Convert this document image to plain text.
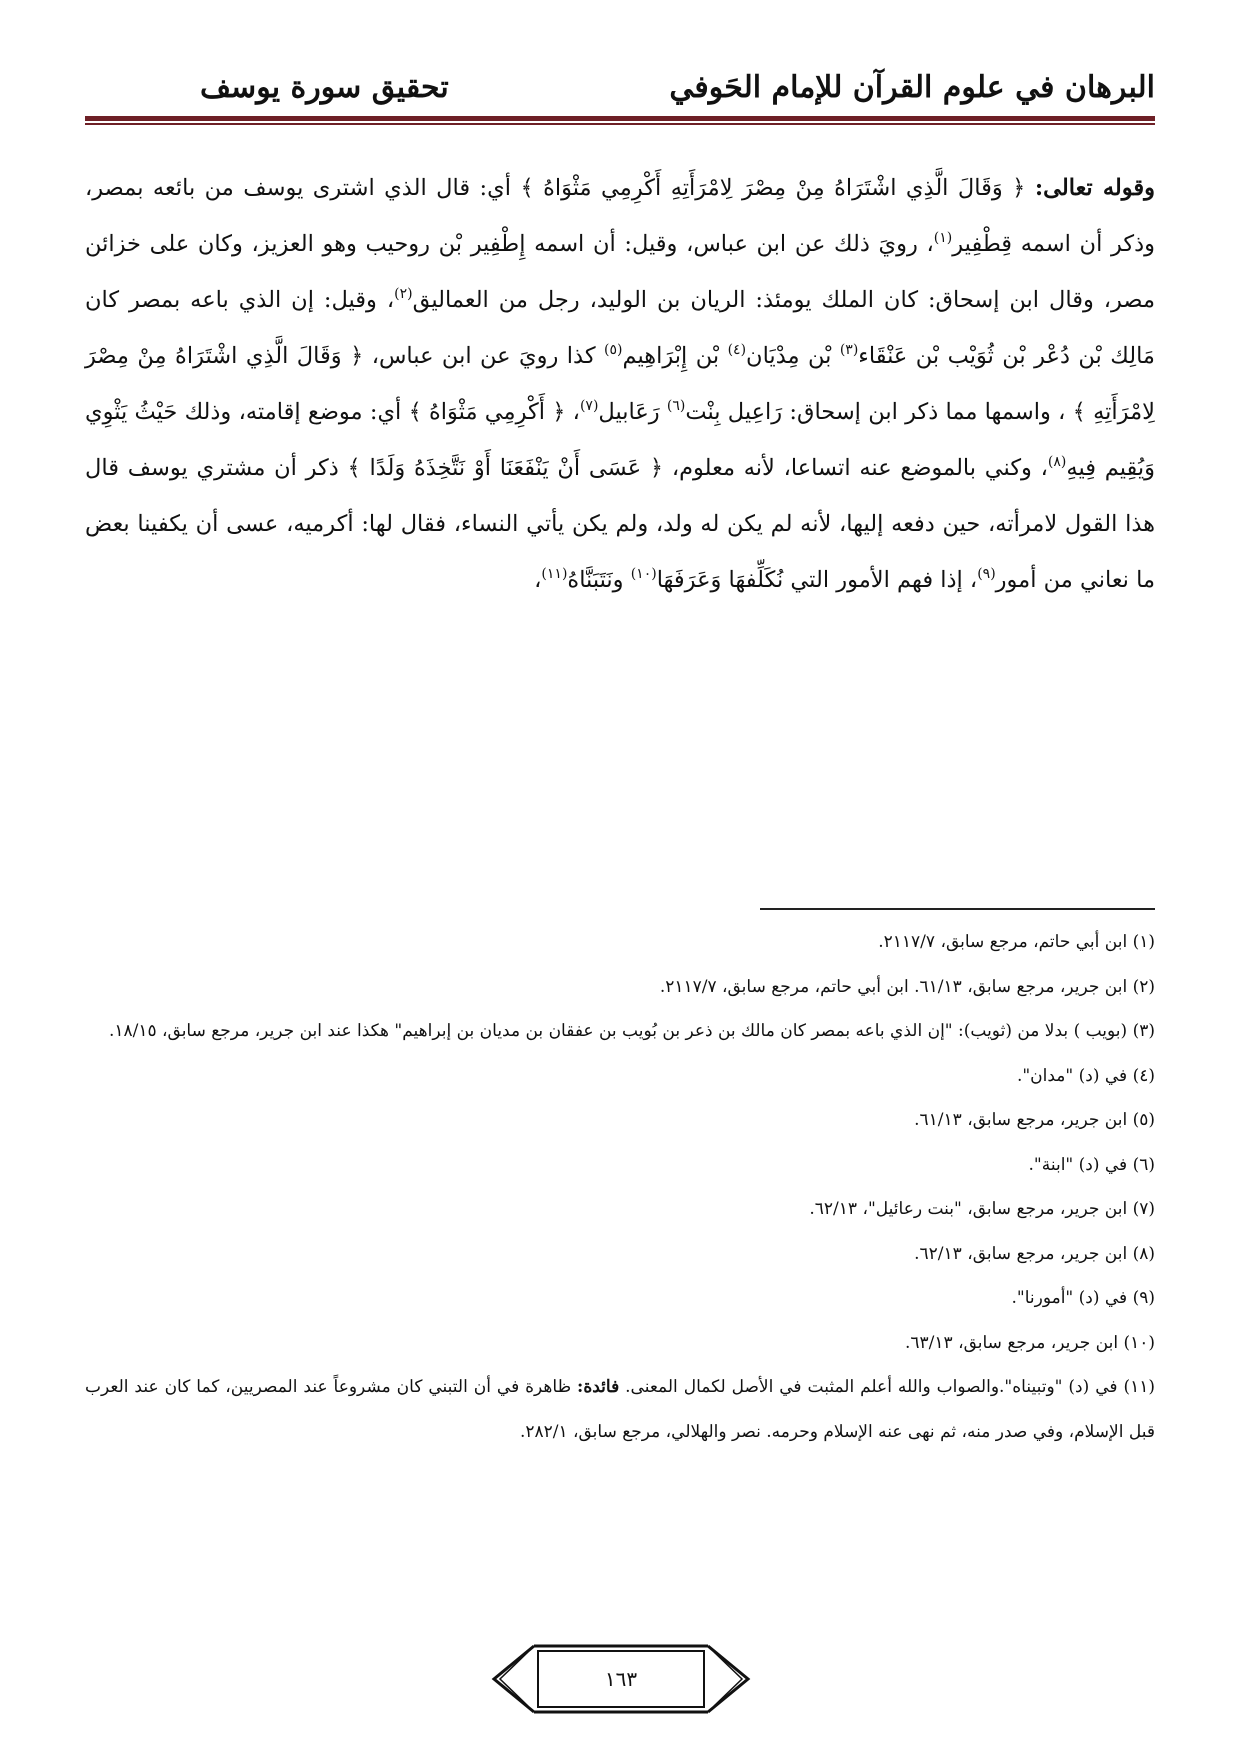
البرهان في علوم القرآن للإمام الحَوفي
تحقيق سورة يوسف
وقوله تعالى: ﴿ وَقَالَ الَّذِي اشْتَرَاهُ مِنْ مِصْرَ لِامْرَأَتِهِ أَكْرِمِي مَثْوَاهُ ﴾ أي: قال الذي اشترى يوسف من بائعه بمصر، وذكر أن اسمه قِطْفِير$^{(١)}$، رويَ ذلك عن ابن عباس، وقيل: أن اسمه إِطْفِير بْن روحيب وهو العزيز، وكان على خزائن مصر، وقال ابن إسحاق: كان الملك يومئذ: الريان بن الوليد، رجل من العماليق$^{(٢)}$، وقيل: إن الذي باعه بمصر كان مَالِك بْن دُعْر بْن ثُوَيْب بْن عَنْقَاء$^{(٣)}$ بْن مِدْيَان$^{(٤)}$ بْن إِبْرَاهِيم$^{(٥)}$ كذا رويَ عن ابن عباس، ﴿ وَقَالَ الَّذِي اشْتَرَاهُ مِنْ مِصْرَ لِامْرَأَتِهِ ﴾ ، واسمها مما ذكر ابن إسحاق: رَاعِيل بِنْت$^{(٦)}$ رَعَابيل$^{(٧)}$، ﴿ أَكْرِمِي مَثْوَاهُ ﴾ أي: موضع إقامته، وذلك حَيْثُ يَثْوِي وَيُقِيم فِيهِ$^{(٨)}$، وكني بالموضع عنه اتساعا، لأنه معلوم، ﴿ عَسَى أَنْ يَنْفَعَنَا أَوْ نَتَّخِذَهُ وَلَدًا ﴾ ذكر أن مشتري يوسف قال هذا القول لامرأته، حين دفعه إليها، لأنه لم يكن له ولد، ولم يكن يأتي النساء، فقال لها: أكرميه، عسى أن يكفينا بعض ما نعاني من أمور$^{(٩)}$، إذا فهم الأمور التي نُكَلِّفهَا وَعَرَفَهَا$^{(١٠)}$ ونَتَبَنَّاهُ$^{(١١)}$،
(١) ابن أبي حاتم، مرجع سابق، ٢١١٧/٧.
(٢) ابن جرير، مرجع سابق، ٦١/١٣. ابن أبي حاتم، مرجع سابق، ٢١١٧/٧.
(٣) (بويب ) بدلا من (ثويب): "إن الذي باعه بمصر كان مالك بن ذعر بن بُويب بن عفقان بن مديان بن إبراهيم" هكذا عند ابن جرير، مرجع سابق، ١٨/١٥.
(٤) في (د) "مدان".
(٥) ابن جرير، مرجع سابق، ٦١/١٣.
(٦) في (د) "ابنة".
(٧) ابن جرير، مرجع سابق، "بنت رعائيل"، ٦٢/١٣.
(٨) ابن جرير، مرجع سابق، ٦٢/١٣.
(٩) في (د) "أمورنا".
(١٠) ابن جرير، مرجع سابق، ٦٣/١٣.
(١١) في (د) "وتبيناه".والصواب والله أعلم المثبت في الأصل لكمال المعنى. فائدة: ظاهرة في أن التبني كان مشروعاً عند المصريين، كما كان عند العرب قبل الإسلام، وفي صدر منه، ثم نهى عنه الإسلام وحرمه. نصر والهلالي، مرجع سابق، ٢٨٢/١.
١٦٣
